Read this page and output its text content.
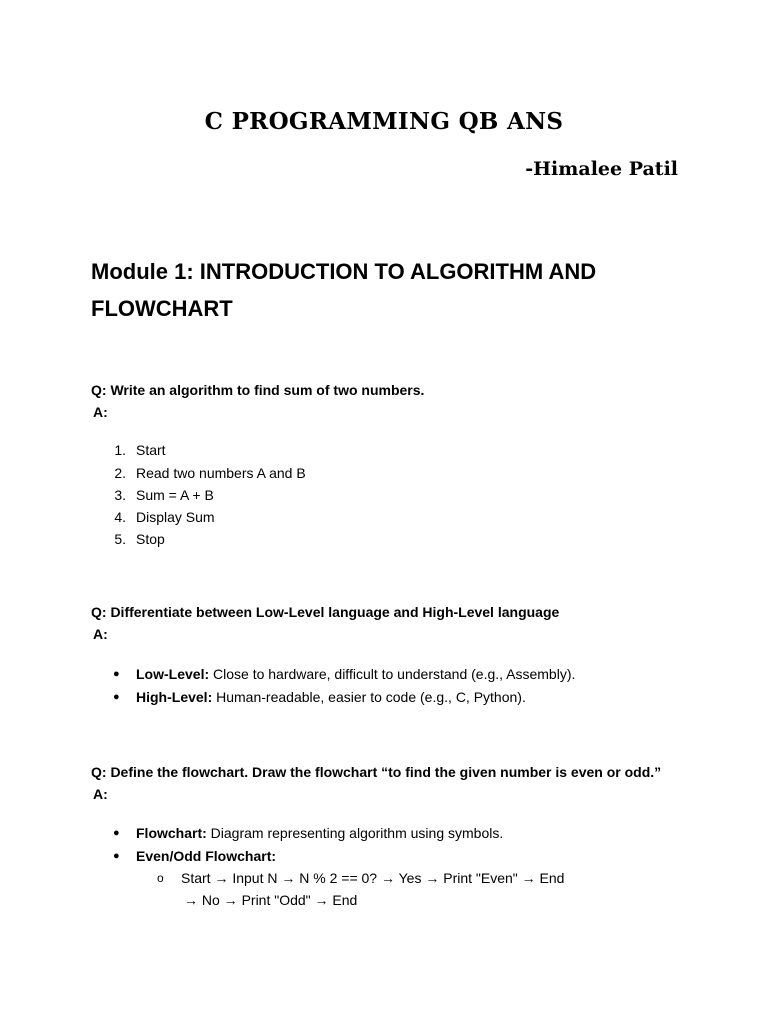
C PROGRAMMING QB ANS
-Himalee Patil
Module 1: INTRODUCTION TO ALGORITHM AND
FLOWCHART
Q: Write an algorithm to find sum of two numbers.
A:
1. Start
2. Read two numbers A and B
3. Sum = A + B
4. Display Sum
5. Stop
Q: Differentiate between Low-Level language and High-Level language
A:
● Low-Level: Close to hardware, difficult to understand (e.g., Assembly).
● High-Level: Human-readable, easier to code (e.g., C, Python).
Q: Define the flowchart. Draw the flowchart “to find the given number is even or odd.”
A:
● Flowchart: Diagram representing algorithm using symbols.
● Even/Odd Flowchart:
o Start → Input N → N % 2 == 0? → Yes → Print "Even" → End
→ No → Print "Odd" → End
